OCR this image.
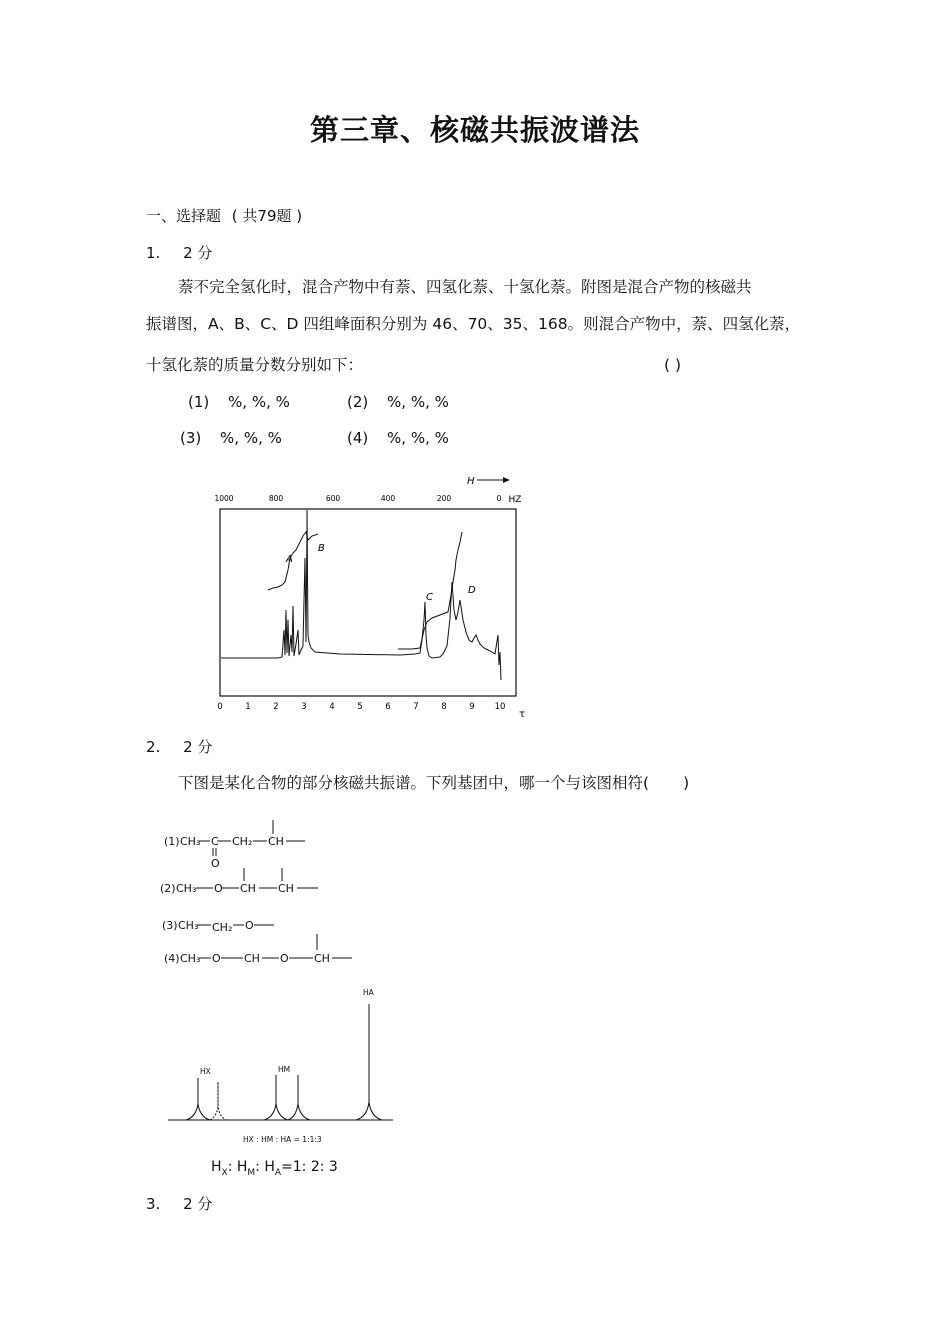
第三章、核磁共振波谱法
一、选择题 ( 共79题 )
1. 2 分
萘不完全氢化时，混合产物中有萘、四氢化萘、十氢化萘。附图是混合产物的核磁共
振谱图，A、B、C、D 四组峰面积分别为 46、70、35、168。则混合产物中，萘、四氢化萘，
十氢化萘的质量分数分别如下：	( )
(1) %, %, %	(2) %, %, %
(3) %, %, %	(4) %, %, %
H
1000	800	600	400	200	0 HZ
A
B
C
D
0	1	2	3	4	5	6	7	8	9 10
τ
2. 2 分
下图是某化合物的部分核磁共振谱。下列基团中，哪一个与该图相符( )
(1) CH₃ C CH₂ CH
O
(2) CH₃ O CH CH
(3) CH₃ CH₂ O
(4) CH₃ O CH O CH
HA
HX	HM
HX : HM : HA = 1:1:3
$H_X$: $H_M$: $H_A=1$: 2: 3
3. 2 分
